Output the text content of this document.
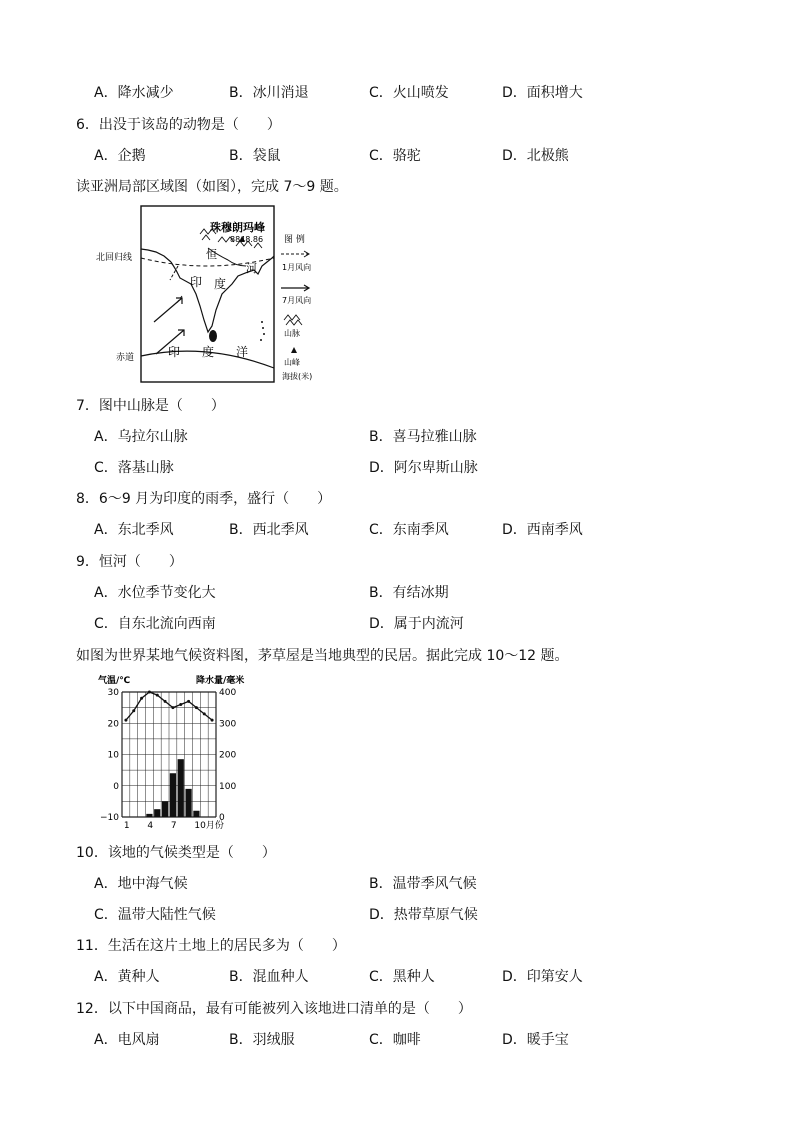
A．降水减少	B．冰川消退	C．火山喷发	D．面积增大
6．出没于该岛的动物是（　　）
A．企鹅	B．袋鼠	C．骆驼	D．北极熊
读亚洲局部区域图（如图），完成 7～9 题。
珠穆朗玛峰
8848.86
恒
河
印 度
印 度 洋
北回归线
赤道
图 例
1月风向
7月风向
山脉
山峰
海拔(米)
7．图中山脉是（　　）
A．乌拉尔山脉	B．喜马拉雅山脉
C．落基山脉	D．阿尔卑斯山脉
8．6～9 月为印度的雨季，盛行（　　）
A．东北季风	B．西北季风	C．东南季风	D．西南季风
9．恒河（　　）
A．水位季节变化大	B．有结冰期
C．自东北流向西南	D．属于内流河
如图为世界某地气候资料图，茅草屋是当地典型的民居。据此完成 10～12 题。
气温/℃	降水量/毫米
30
20
10
0
−10
400
300
200
100
0
1 4 7 10月份
10．该地的气候类型是（　　）
A．地中海气候	B．温带季风气候
C．温带大陆性气候	D．热带草原气候
11．生活在这片土地上的居民多为（　　）
A．黄种人	B．混血种人	C．黑种人	D．印第安人
12．以下中国商品，最有可能被列入该地进口清单的是（　　）
A．电风扇	B．羽绒服	C．咖啡	D．暖手宝
